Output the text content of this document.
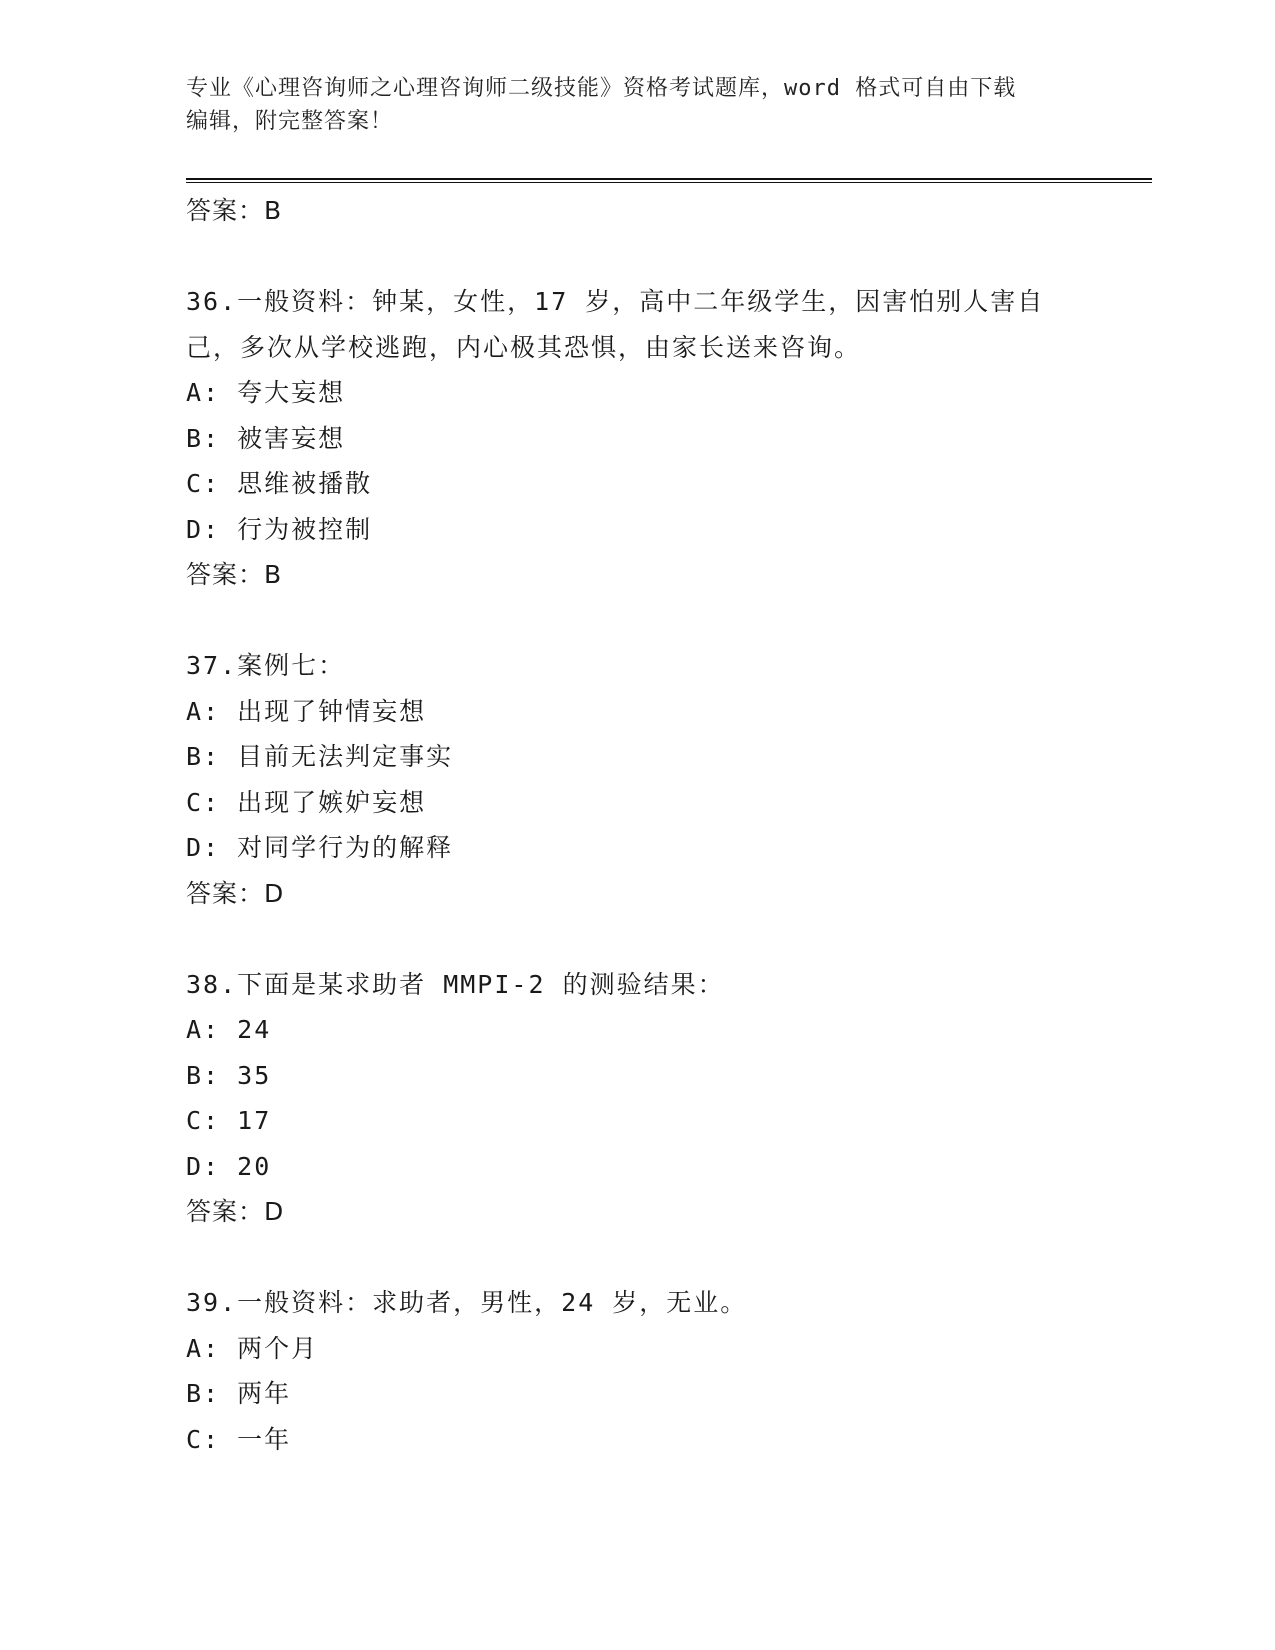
专业《心理咨询师之心理咨询师二级技能》资格考试题库，word 格式可自由下载
编辑，附完整答案！
答案：B
36.一般资料：钟某，女性，17 岁，高中二年级学生，因害怕别人害自
己，多次从学校逃跑，内心极其恐惧，由家长送来咨询。
A: 夸大妄想
B: 被害妄想
C: 思维被播散
D: 行为被控制
答案：B
37.案例七：
A: 出现了钟情妄想
B: 目前无法判定事实
C: 出现了嫉妒妄想
D: 对同学行为的解释
答案：D
38.下面是某求助者 MMPI-2 的测验结果：
A: 24
B: 35
C: 17
D: 20
答案：D
39.一般资料：求助者，男性，24 岁，无业。
A: 两个月
B: 两年
C: 一年
